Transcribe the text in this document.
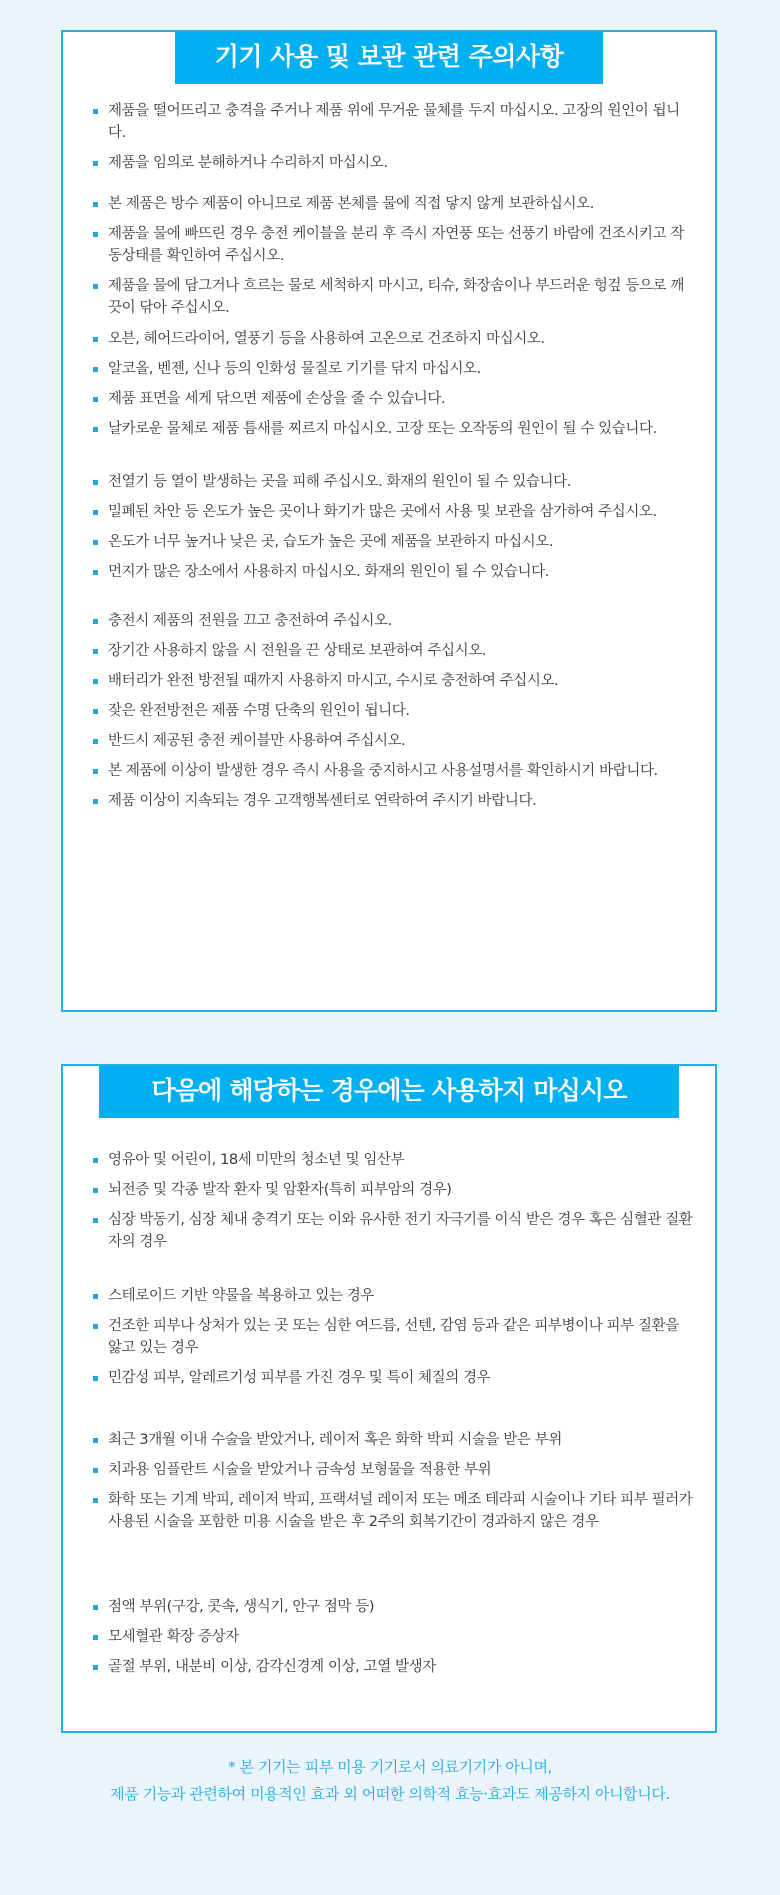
기기 사용 및 보관 관련 주의사항
제품을 떨어뜨리고 충격을 주거나 제품 위에 무거운 물체를 두지 마십시오. 고장의 원인이 됩니다.
제품을 임의로 분해하거나 수리하지 마십시오.
본 제품은 방수 제품이 아니므로 제품 본체를 물에 직접 닿지 않게 보관하십시오.
제품을 물에 빠뜨린 경우 충전 케이블을 분리 후 즉시 자연풍 또는 선풍기 바람에 건조시키고 작동상태를 확인하여 주십시오.
제품을 물에 담그거나 흐르는 물로 세척하지 마시고, 티슈, 화장솜이나 부드러운 헝겊 등으로 깨끗이 닦아 주십시오.
오븐, 헤어드라이어, 열풍기 등을 사용하여 고온으로 건조하지 마십시오.
알코올, 벤젠, 신나 등의 인화성 물질로 기기를 닦지 마십시오.
제품 표면을 세게 닦으면 제품에 손상을 줄 수 있습니다.
날카로운 물체로 제품 틈새를 찌르지 마십시오. 고장 또는 오작동의 원인이 될 수 있습니다.
전열기 등 열이 발생하는 곳을 피해 주십시오. 화재의 원인이 될 수 있습니다.
밀폐된 차안 등 온도가 높은 곳이나 화기가 많은 곳에서 사용 및 보관을 삼가하여 주십시오.
온도가 너무 높거나 낮은 곳, 습도가 높은 곳에 제품을 보관하지 마십시오.
먼지가 많은 장소에서 사용하지 마십시오. 화재의 원인이 될 수 있습니다.
충전시 제품의 전원을 끄고 충전하여 주십시오.
장기간 사용하지 않을 시 전원을 끈 상태로 보관하여 주십시오.
배터리가 완전 방전될 때까지 사용하지 마시고, 수시로 충전하여 주십시오.
잦은 완전방전은 제품 수명 단축의 원인이 됩니다.
반드시 제공된 충전 케이블만 사용하여 주십시오.
본 제품에 이상이 발생한 경우 즉시 사용을 중지하시고 사용설명서를 확인하시기 바랍니다.
제품 이상이 지속되는 경우 고객행복센터로 연락하여 주시기 바랍니다.
다음에 해당하는 경우에는 사용하지 마십시오
영유아 및 어린이, 18세 미만의 청소년 및 임산부
뇌전증 및 각종 발작 환자 및 암환자(특히 피부암의 경우)
심장 박동기, 심장 체내 충격기 또는 이와 유사한 전기 자극기를 이식 받은 경우 혹은 심혈관 질환자의 경우
스테로이드 기반 약물을 복용하고 있는 경우
건조한 피부나 상처가 있는 곳 또는 심한 여드름, 선텐, 감염 등과 같은 피부병이나 피부 질환을 앓고 있는 경우
민감성 피부, 알레르기성 피부를 가진 경우 및 특이 체질의 경우
최근 3개월 이내 수술을 받았거나, 레이저 혹은 화학 박피 시술을 받은 부위
치과용 임플란트 시술을 받았거나 금속성 보형물을 적용한 부위
화학 또는 기계 박피, 레이저 박피, 프랙셔널 레이저 또는 메조 테라피 시술이나 기타 피부 필러가 사용된 시술을 포함한 미용 시술을 받은 후 2주의 회복기간이 경과하지 않은 경우
점액 부위(구강, 콧속, 생식기, 안구 점막 등)
모세혈관 확장 증상자
골절 부위, 내분비 이상, 감각신경계 이상, 고열 발생자
* 본 기기는 피부 미용 기기로서 의료기기가 아니며,
제품 기능과 관련하여 미용적인 효과 외 어떠한 의학적 효능·효과도 제공하지 아니합니다.
